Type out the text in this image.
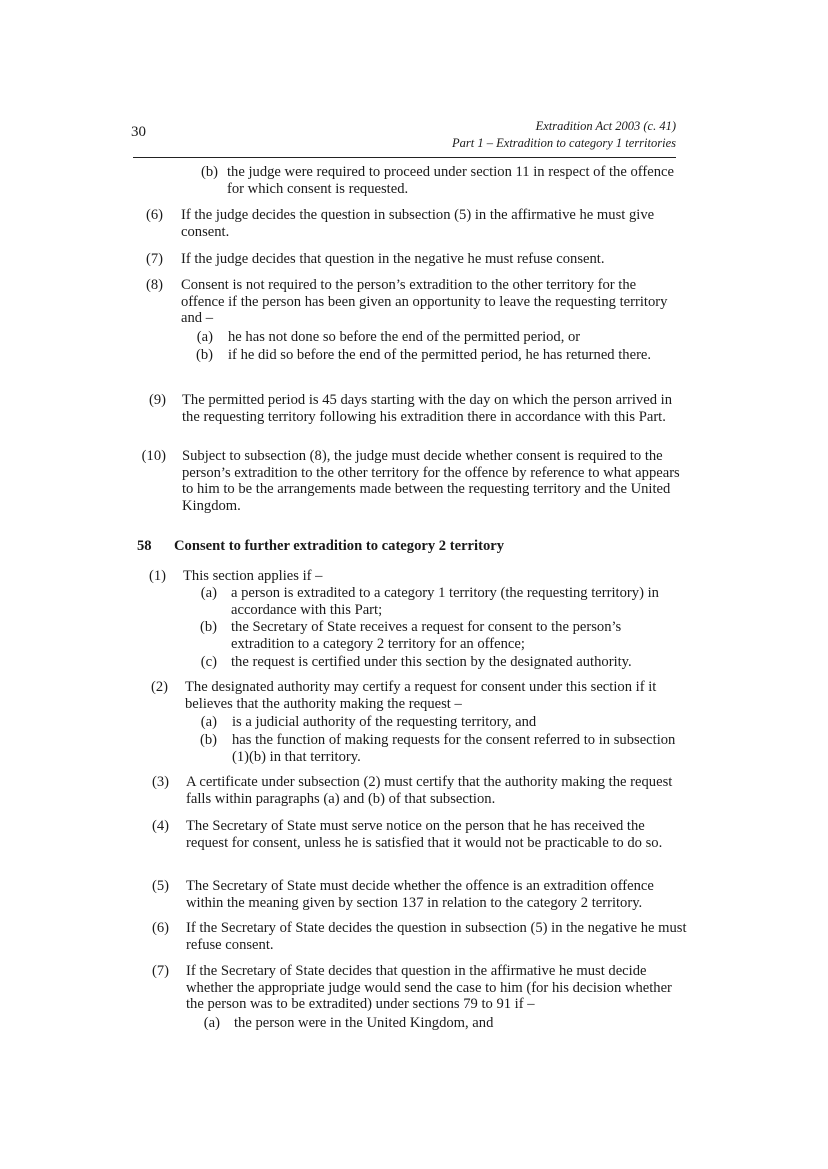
30	Extradition Act 2003 (c. 41)
Part 1 – Extradition to category 1 territories
(b) the judge were required to proceed under section 11 in respect of the offence for which consent is requested.
(6) If the judge decides the question in subsection (5) in the affirmative he must give consent.
(7) If the judge decides that question in the negative he must refuse consent.
(8) Consent is not required to the person’s extradition to the other territory for the offence if the person has been given an opportunity to leave the requesting territory and –
(a) he has not done so before the end of the permitted period, or
(b) if he did so before the end of the permitted period, he has returned there.
(9) The permitted period is 45 days starting with the day on which the person arrived in the requesting territory following his extradition there in accordance with this Part.
(10) Subject to subsection (8), the judge must decide whether consent is required to the person’s extradition to the other territory for the offence by reference to what appears to him to be the arrangements made between the requesting territory and the United Kingdom.
58 Consent to further extradition to category 2 territory
(1) This section applies if –
(a) a person is extradited to a category 1 territory (the requesting territory) in accordance with this Part;
(b) the Secretary of State receives a request for consent to the person’s extradition to a category 2 territory for an offence;
(c) the request is certified under this section by the designated authority.
(2) The designated authority may certify a request for consent under this section if it believes that the authority making the request –
(a) is a judicial authority of the requesting territory, and
(b) has the function of making requests for the consent referred to in subsection (1)(b) in that territory.
(3) A certificate under subsection (2) must certify that the authority making the request falls within paragraphs (a) and (b) of that subsection.
(4) The Secretary of State must serve notice on the person that he has received the request for consent, unless he is satisfied that it would not be practicable to do so.
(5) The Secretary of State must decide whether the offence is an extradition offence within the meaning given by section 137 in relation to the category 2 territory.
(6) If the Secretary of State decides the question in subsection (5) in the negative he must refuse consent.
(7) If the Secretary of State decides that question in the affirmative he must decide whether the appropriate judge would send the case to him (for his decision whether the person was to be extradited) under sections 79 to 91 if –
(a) the person were in the United Kingdom, and
